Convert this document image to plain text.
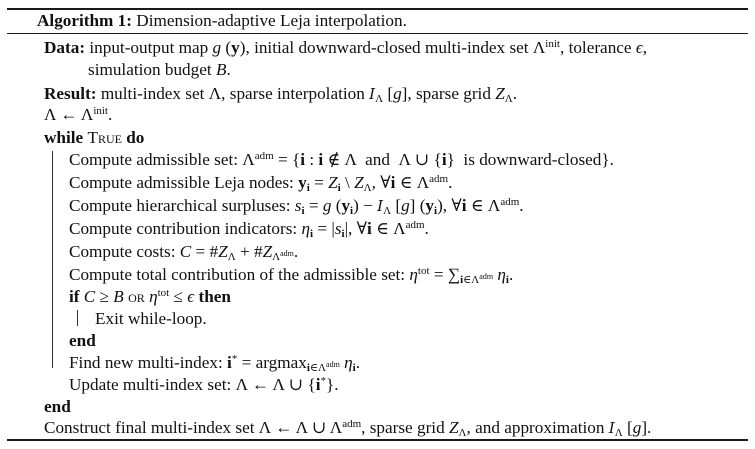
Algorithm 1: Dimension-adaptive Leja interpolation.
Data: input-output map g (y), initial downward-closed multi-index set $\Lambda^{init}$, tolerance ϵ,
simulation budget B.
Result: multi-index set Λ, sparse interpolation $I_\Lambda$ [g], sparse grid $Z_\Lambda$.
Λ ← $\Lambda^{init}$.
while True do
Compute admissible set: $\Lambda^{adm} = \{i$ : i ∉ Λ  and  Λ ∪ {i}  is downward-closed}.
Compute admissible Leja nodes: $y_i = Z_i$ \ $Z_\Lambda$, ∀i ∈ $\Lambda^{adm}$.
Compute hierarchical surpluses: $s_i = g$ $(y_i) - I_\Lambda$ [g] $(y_i)$, ∀i ∈ $\Lambda^{adm}$.
Compute contribution indicators: $\eta_i = |s_i|$, ∀i ∈ $\Lambda^{adm}$.
Compute costs: $C = \#Z_\Lambda$ + $\#Z_{\Lambda^{adm}}$.
Compute total contribution of the admissible set: $\eta^{tot} = \sum_{i\in\Lambda^{adm}}$ $\eta_i$.
if C ≥ B or $\eta^{tot} \le \epsilon$ then
Exit while-loop.
end
Find new multi-index: i* = argmax$_{i\in\Lambda^{adm}}$ $\eta_i$.
Update multi-index set: Λ ← Λ ∪ {i*}.
end
Construct final multi-index set Λ ← Λ ∪ $\Lambda^{adm}$, sparse grid $Z_\Lambda$, and approximation $I_\Lambda$ [g].
